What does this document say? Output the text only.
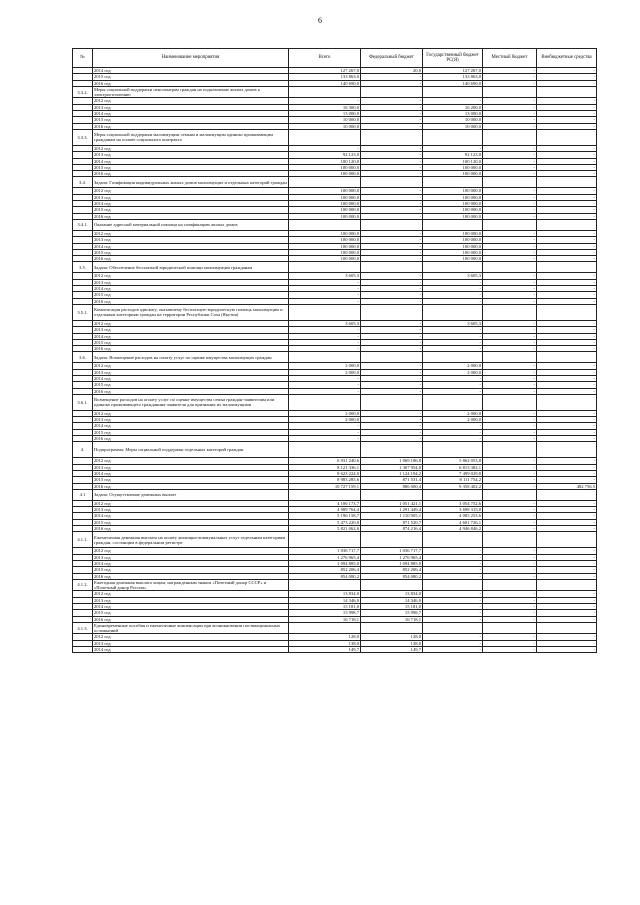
6
№	Наименование мероприятия	Всего	Федеральный бюджет	Государственный бюджет РС(Я)	Местный бюджет	Внебюджетные средства
	2014 год	127 267,0	20,0	127 267,0	-	-
	2015 год	133 863,0	-	133 863,0	-	-
	2016 год	140 690,0	-	140 690,0	-	-
3.3.2.	Меры социальной поддержки пенсионерам граждан на подключение жилых домов к электроотоплению					
	2012 год	-	-	-	-	-
	2013 год	16 300,0	-	16 200,0	-	-
	2014 год	13 000,0	-	13 000,0	-	-
	2015 год	10 000,0	-	10 000,0	-	-
	2016 год	10 000,0	-	10 000,0	-	-
3.3.3.	Меры социальной поддержки малоимущим семьям и малоимущим одиноко проживающим гражданам на основе социального контракта					
	2012 год	-	-	-	-	-
	2013 год	92 123,0	-	92 123,0	-	-
	2014 год	100 120,0	-	100 120,0	-	-
	2015 год	100 000,0	-	100 000,0	-	-
	2016 год	100 000,0	-	100 000,0	-	-
3.4.	Задача: Газификация индивидуальных жилых домов малоимущих и отдельных категорий граждан					
	2012 год	100 000,0	-	100 000,0	-	-
	2013 год	100 000,0	-	100 000,0	-	-
	2014 год	100 000,0	-	100 000,0	-	-
	2015 год	100 000,0	-	100 000,0	-	-
	2016 год	100 000,0	-	100 000,0	-	-
3.4.1.	Оказание адресной материальной помощи на газификацию жилых домов					
	2012 год	100 000,0	-	100 000,0	-	-
	2013 год	100 000,0	-	100 000,0	-	-
	2014 год	100 000,0	-	100 000,0	-	-
	2015 год	100 000,0	-	100 000,0	-	-
	2016 год	100 000,0	-	100 000,0	-	-
3.5.	Задача: Обеспечение бесплатной юридической помощи малоимущим гражданам					
	2012 год	3 605,3	-	3 605,3	-	-
	2013 год	-	-	-	-	-
	2014 год	-	-	-	-	-
	2015 год	-	-	-	-	-
	2016 год	-	-	-	-	-
3.5.1.	Компенсация расходов адвокату, оказавшему бесплатную юридическую помощь малоимущим и отдельным категориям граждан на территории Республики Саха (Якутия)					
	2012 год	3 605,3	-	3 605,3	-	-
	2013 год	-	-	-	-	-
	2014 год	-	-	-	-	-
	2015 год	-	-	-	-	-
	2016 год	-	-	-	-	-
3.6.	Задача: Возмещение расходов на оплату услуг по оценке имущества малоимущих граждан					
	2012 год	2 000,0	-	2 000,0	-	-
	2013 год	2 000,0	-	2 000,0	-	-
	2014 год	-	-	-	-	-
	2015 год	-	-	-	-	-
	2016 год	-	-	-	-	-
3.6.1.	Возмещение расходов на оплату услуг по оценке имущества семьи граждан-заявителям или одиноко проживающего гражданина-заявителя для признания их малоимущими					
	2012 год	2 000,0	-	2 000,0	-	-
	2013 год	2 000,0	-	2 000,0	-	-
	2014 год	-	-	-	-	-
	2015 год	-	-	-	-	-
	2016 год	-	-	-	-	-
4.	Подпрограмма: Меры социальной поддержки отдельных категорий граждан					
	2012 год	6 931 240,6	1 069 186,8	5 862 053,8	-	-
	2013 год	8 121 336,1	1 307 954,0	6 813 382,1	-	-
	2014 год	8 623 224,0	1 124 194,2	7 499 029,8	-	-
	2015 год	8 983 285,6	871 531,4	8 111 754,2	-	-
	2016 год	10 727 159,1	886 000,4	9 358 402,2	-	482 756,5
4.1	Задача: Осуществление денежных выплат					
	2012 год	4 106 173,7	1 051 421,1	3 054 752,6	-	-
	2013 год	4 989 764,4	1 291 449,4	3 698 315,0	-	-
	2014 год	5 196 158,7	1 110 905,1	4 085 253,6	-	-
	2015 год	5 473 220,8	871 520,7	4 601 726,1	-	-
	2016 год	5 821 062,6	874 216,4	4 946 846,2	-	-
4.1.1.	Ежемесячная денежная выплата на оплату жилищно-коммунальных услуг отдельным категориям граждан, состоящим в федеральном регистре					
	2012 год	1 036 717,7	1 036 717,7	-	-	-
	2013 год	1 276 965,4	1 276 965,4	-	-	-
	2014 год	1 094 885,0	1 094 885,0	-	-	-
	2015 год	852 206,4	852 206,4	-	-	-
	2016 год	854 080,2	854 080,2	-	-	-
4.1.2.	Ежегодная денежная выплата лицам, награжденным знаком «Почетный донор СССР» и «Почетный донор России»					
	2012 год	13 834,0	13 834,0	-	-	-
	2013 год	14 346,0	14 346,0	-	-	-
	2014 год	15 181,0	15 181,0	-	-	-
	2015 год	15 998,7	15 998,7	-	-	-
	2016 год	16 718,1	16 718,1	-	-	-
4.1.3.	Единовременные пособия и ежемесячные компенсации при возникновении поствакцинальных осложнений					
	2012 год	128,0	128,0	-	-	-
	2013 год	138,0	138,0	-	-	-
	2014 год	149,7	149,7	-	-	-
